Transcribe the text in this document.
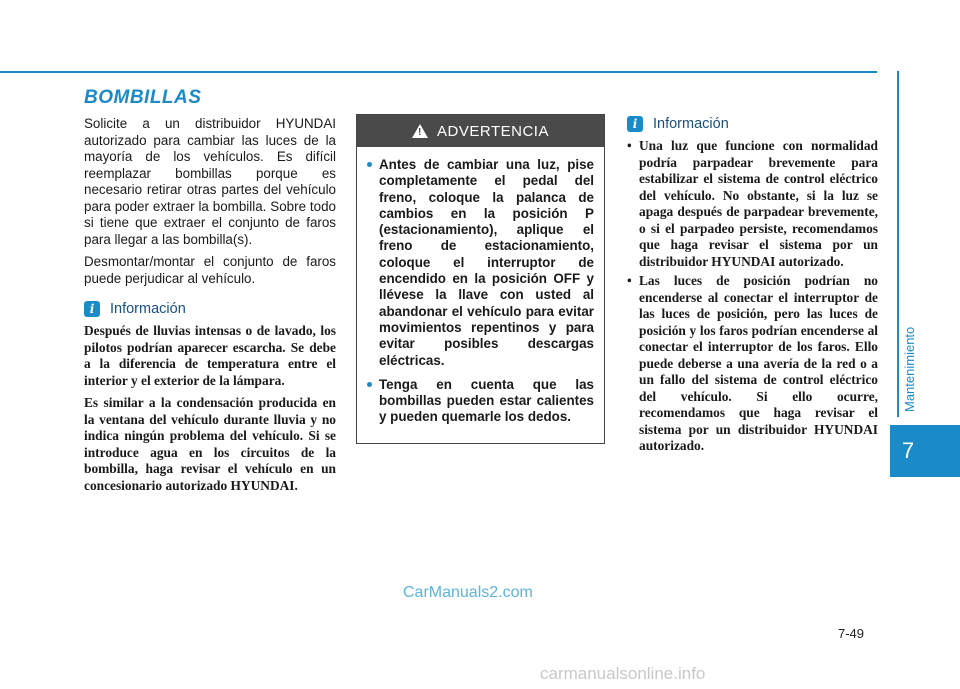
Mantenimiento
7
BOMBILLAS

Solicite a un distribuidor HYUNDAI autorizado para cambiar las luces de la mayoría de los vehículos. Es difícil reemplazar bombillas porque es necesario retirar otras partes del vehículo para poder extraer la bombilla. Sobre todo si tiene que extraer el conjunto de faros para llegar a las bombilla(s).

Desmontar/montar el conjunto de faros puede perjudicar al vehículo.

i	Información

Después de lluvias intensas o de lavado, los pilotos podrían aparecer escarcha. Se debe a la diferencia de temperatura entre el interior y el exterior de la lámpara.

Es similar a la condensación producida en la ventana del vehículo durante lluvia y no indica ningún problema del vehículo. Si se introduce agua en los circuitos de la bombilla, haga revisar el vehículo en un concesionario autorizado HYUNDAI.

! ADVERTENCIA
Antes de cambiar una luz, pise completamente el pedal del freno, coloque la palanca de cambios en la posición P (estacionamiento), aplique el freno de estacionamiento, coloque el interruptor de encendido en la posición OFF y llévese la llave con usted al abandonar el vehículo para evitar movimientos repentinos y para evitar posibles descargas eléctricas.
Tenga en cuenta que las bombillas pueden estar calientes y pueden quemarle los dedos.
i	Información
• Una luz que funcione con normalidad podría parpadear brevemente para estabilizar el sistema de control eléctrico del vehículo. No obstante, si la luz se apaga después de parpadear brevemente, o si el parpadeo persiste, recomendamos que haga revisar el sistema por un distribuidor HYUNDAI autorizado.
• Las luces de posición podrían no encenderse al conectar el interruptor de las luces de posición, pero las luces de posición y los faros podrían encenderse al conectar el interruptor de los faros. Ello puede deberse a una avería de la red o a un fallo del sistema de control eléctrico del vehículo. Si ello ocurre, recomendamos que haga revisar el sistema por un distribuidor HYUNDAI autorizado.
7-49
CarManuals2.com
carmanualsonline.info
